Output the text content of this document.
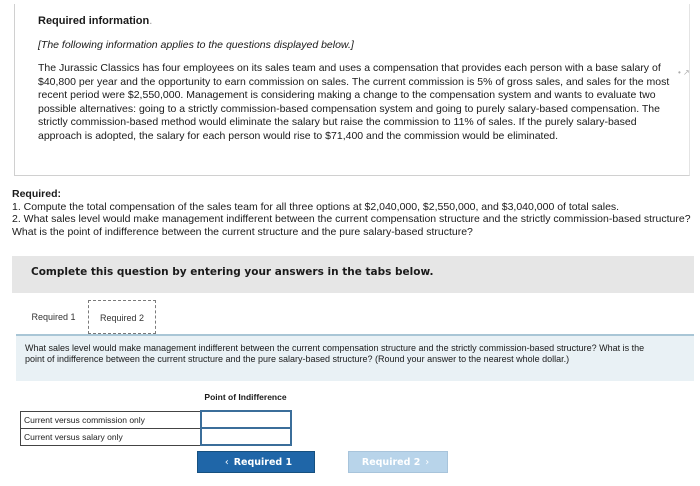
Required information.
[The following information applies to the questions displayed below.]

The Jurassic Classics has four employees on its sales team and uses a compensation that provides each person with a base salary of $40,800 per year and the opportunity to earn commission on sales. The current commission is 5% of gross sales, and sales for the most recent period were $2,550,000. Management is considering making a change to the compensation system and wants to evaluate two possible alternatives: going to a strictly commission-based compensation system and going to purely salary-based compensation. The strictly commission-based method would eliminate the salary but raise the commission to 11% of sales. If the purely salary-based approach is adopted, the salary for each person would rise to $71,400 and the commission would be eliminated.

• ↗
Required:
1. Compute the total compensation of the sales team for all three options at $2,040,000, $2,550,000, and $3,040,000 of total sales.
2. What sales level would make management indifferent between the current compensation structure and the strictly commission-based structure? What is the point of indifference between the current structure and the pure salary-based structure?
Complete this question by entering your answers in the tabs below.
Required 1	Required 2
What sales level would make management indifferent between the current compensation structure and the strictly commission-based structure? What is the point of indifference between the current structure and the pure salary-based structure? (Round your answer to the nearest whole dollar.)
	Point of Indifference
Current versus commission only	
Current versus salary only	
‹ Required 1	Required 2 ›
